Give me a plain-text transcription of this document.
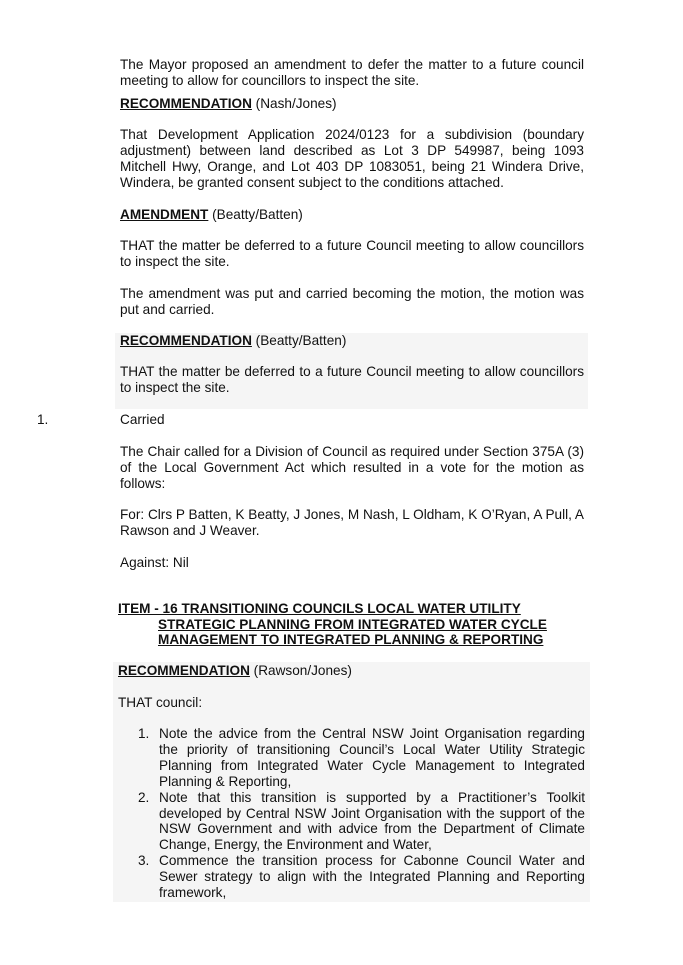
The Mayor proposed an amendment to defer the matter to a future council meeting to allow for councillors to inspect the site.

RECOMMENDATION (Nash/Jones)

That Development Application 2024/0123 for a subdivision (boundary adjustment) between land described as Lot 3 DP 549987, being 1093 Mitchell Hwy, Orange, and Lot 403 DP 1083051, being 21 Windera Drive, Windera, be granted consent subject to the conditions attached.

AMENDMENT (Beatty/Batten)

THAT the matter be deferred to a future Council meeting to allow councillors to inspect the site.

The amendment was put and carried becoming the motion, the motion was put and carried.

RECOMMENDATION (Beatty/Batten)

THAT the matter be deferred to a future Council meeting to allow councillors to inspect the site.

1.	Carried

The Chair called for a Division of Council as required under Section 375A (3) of the Local Government Act which resulted in a vote for the motion as follows:

For: Clrs P Batten, K Beatty, J Jones, M Nash, L Oldham, K O’Ryan, A Pull, A Rawson and J Weaver.

Against: Nil

ITEM - 16 TRANSITIONING COUNCILS LOCAL WATER UTILITY
STRATEGIC PLANNING FROM INTEGRATED WATER CYCLE
MANAGEMENT TO INTEGRATED PLANNING & REPORTING

RECOMMENDATION (Rawson/Jones)

THAT council:

1. Note the advice from the Central NSW Joint Organisation regarding the priority of transitioning Council’s Local Water Utility Strategic Planning from Integrated Water Cycle Management to Integrated Planning & Reporting,
2. Note that this transition is supported by a Practitioner’s Toolkit developed by Central NSW Joint Organisation with the support of the NSW Government and with advice from the Department of Climate Change, Energy, the Environment and Water,
3. Commence the transition process for Cabonne Council Water and Sewer strategy to align with the Integrated Planning and Reporting framework,
